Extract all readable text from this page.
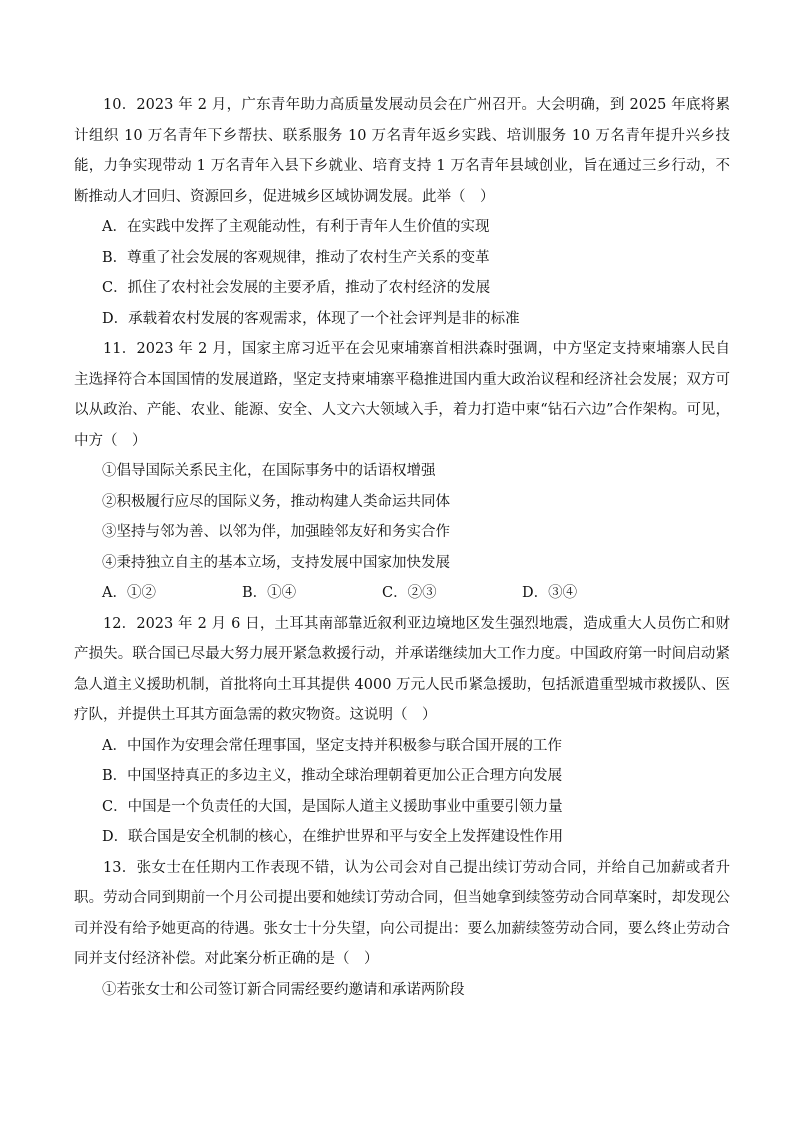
10．2023 年 2 月，广东青年助力高质量发展动员会在广州召开。大会明确，到 2025 年底将累计组织 10 万名青年下乡帮扶、联系服务 10 万名青年返乡实践、培训服务 10 万名青年提升兴乡技能，力争实现带动 1 万名青年入县下乡就业、培育支持 1 万名青年县域创业，旨在通过三乡行动，不断推动人才回归、资源回乡，促进城乡区域协调发展。此举（　）

A．在实践中发挥了主观能动性，有利于青年人生价值的实现

B．尊重了社会发展的客观规律，推动了农村生产关系的变革

C．抓住了农村社会发展的主要矛盾，推动了农村经济的发展

D．承载着农村发展的客观需求，体现了一个社会评判是非的标准

11．2023 年 2 月，国家主席习近平在会见柬埔寨首相洪森时强调，中方坚定支持柬埔寨人民自主选择符合本国国情的发展道路，坚定支持柬埔寨平稳推进国内重大政治议程和经济社会发展；双方可以从政治、产能、农业、能源、安全、人文六大领域入手，着力打造中柬“钻石六边”合作架构。可见，中方（　）

①倡导国际关系民主化，在国际事务中的话语权增强

②积极履行应尽的国际义务，推动构建人类命运共同体

③坚持与邻为善、以邻为伴，加强睦邻友好和务实合作

④秉持独立自主的基本立场，支持发展中国家加快发展

A．①②	B．①④	C．②③	D．③④

12．2023 年 2 月 6 日，土耳其南部靠近叙利亚边境地区发生强烈地震，造成重大人员伤亡和财产损失。联合国已尽最大努力展开紧急救援行动，并承诺继续加大工作力度。中国政府第一时间启动紧急人道主义援助机制，首批将向土耳其提供 4000 万元人民币紧急援助，包括派遣重型城市救援队、医疗队，并提供土耳其方面急需的救灾物资。这说明（　）

A．中国作为安理会常任理事国，坚定支持并积极参与联合国开展的工作

B．中国坚持真正的多边主义，推动全球治理朝着更加公正合理方向发展

C．中国是一个负责任的大国，是国际人道主义援助事业中重要引领力量

D．联合国是安全机制的核心，在维护世界和平与安全上发挥建设性作用

13．张女士在任期内工作表现不错，认为公司会对自己提出续订劳动合同，并给自己加薪或者升职。劳动合同到期前一个月公司提出要和她续订劳动合同，但当她拿到续签劳动合同草案时，却发现公司并没有给予她更高的待遇。张女士十分失望，向公司提出：要么加薪续签劳动合同，要么终止劳动合同并支付经济补偿。对此案分析正确的是（　）

①若张女士和公司签订新合同需经要约邀请和承诺两阶段
